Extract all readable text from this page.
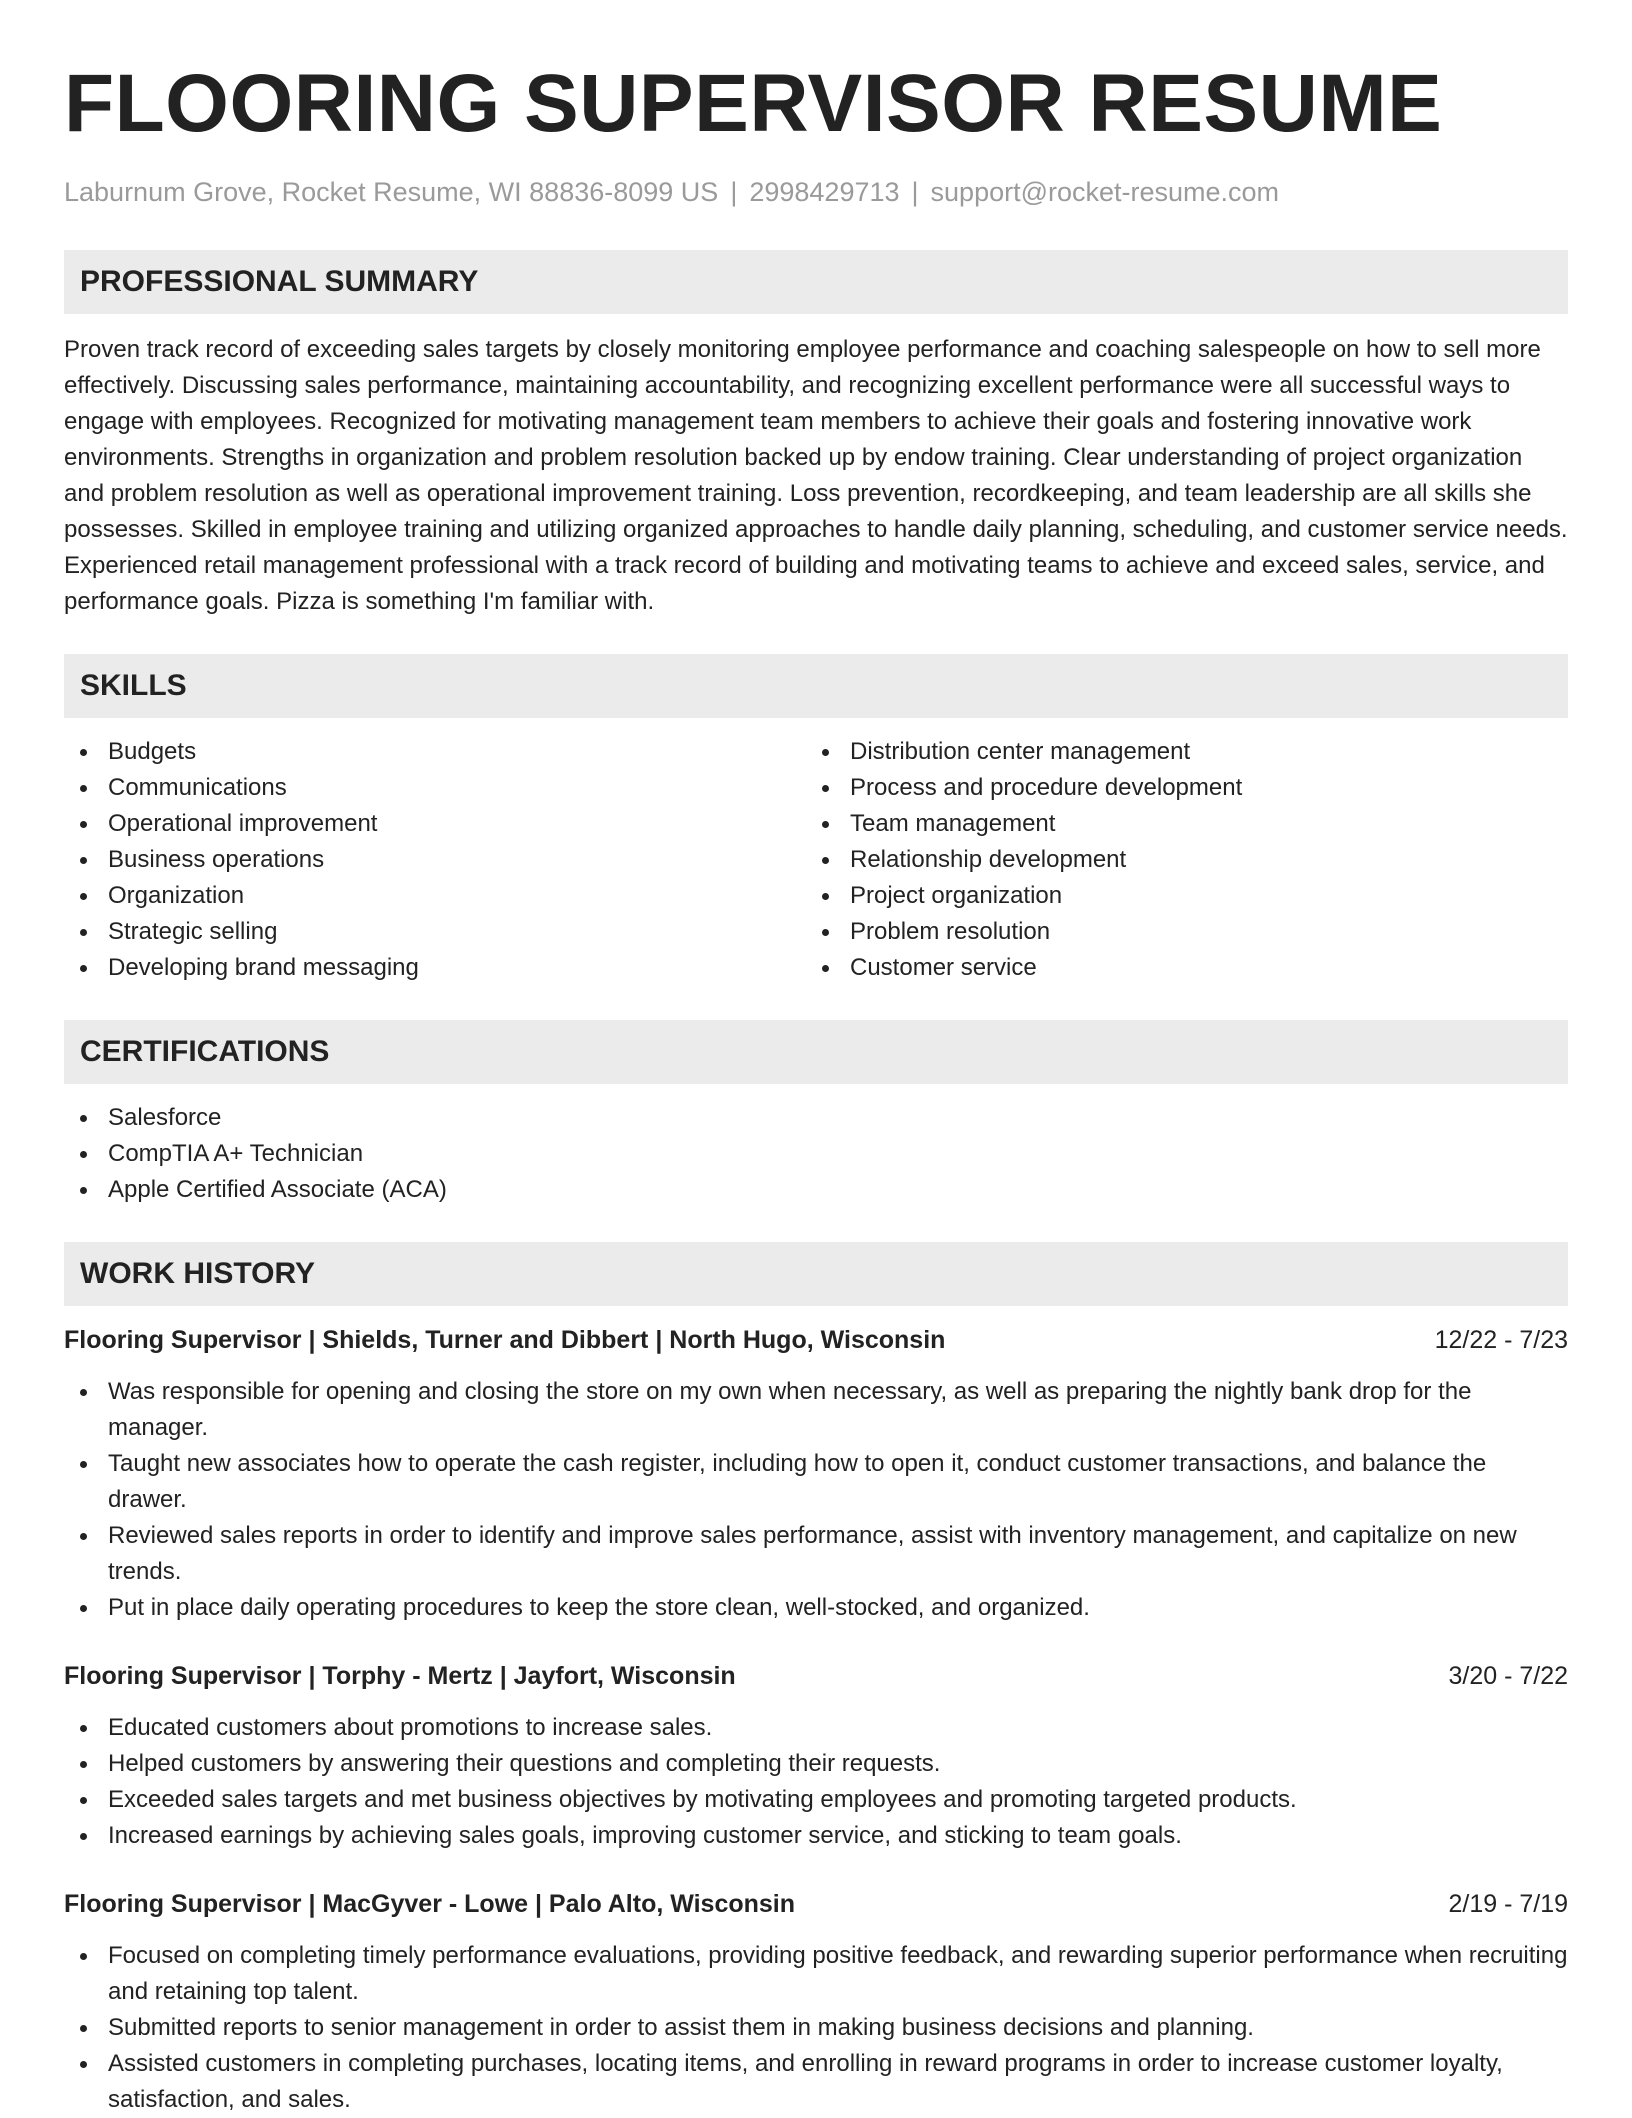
FLOORING SUPERVISOR RESUME
Laburnum Grove, Rocket Resume, WI 88836-8099 US | 2998429713 | support@rocket-resume.com
PROFESSIONAL SUMMARY
Proven track record of exceeding sales targets by closely monitoring employee performance and coaching salespeople on how to sell more effectively. Discussing sales performance, maintaining accountability, and recognizing excellent performance were all successful ways to engage with employees. Recognized for motivating management team members to achieve their goals and fostering innovative work environments. Strengths in organization and problem resolution backed up by endow training. Clear understanding of project organization and problem resolution as well as operational improvement training. Loss prevention, recordkeeping, and team leadership are all skills she possesses. Skilled in employee training and utilizing organized approaches to handle daily planning, scheduling, and customer service needs. Experienced retail management professional with a track record of building and motivating teams to achieve and exceed sales, service, and performance goals. Pizza is something I'm familiar with.
SKILLS
Budgets
Communications
Operational improvement
Business operations
Organization
Strategic selling
Developing brand messaging
Distribution center management
Process and procedure development
Team management
Relationship development
Project organization
Problem resolution
Customer service
CERTIFICATIONS
Salesforce
CompTIA A+ Technician
Apple Certified Associate (ACA)
WORK HISTORY
Flooring Supervisor | Shields, Turner and Dibbert | North Hugo, Wisconsin	12/22 - 7/23
Was responsible for opening and closing the store on my own when necessary, as well as preparing the nightly bank drop for the manager.
Taught new associates how to operate the cash register, including how to open it, conduct customer transactions, and balance the drawer.
Reviewed sales reports in order to identify and improve sales performance, assist with inventory management, and capitalize on new trends.
Put in place daily operating procedures to keep the store clean, well-stocked, and organized.
Flooring Supervisor | Torphy - Mertz | Jayfort, Wisconsin	3/20 - 7/22
Educated customers about promotions to increase sales.
Helped customers by answering their questions and completing their requests.
Exceeded sales targets and met business objectives by motivating employees and promoting targeted products.
Increased earnings by achieving sales goals, improving customer service, and sticking to team goals.
Flooring Supervisor | MacGyver - Lowe | Palo Alto, Wisconsin	2/19 - 7/19
Focused on completing timely performance evaluations, providing positive feedback, and rewarding superior performance when recruiting and retaining top talent.
Submitted reports to senior management in order to assist them in making business decisions and planning.
Assisted customers in completing purchases, locating items, and enrolling in reward programs in order to increase customer loyalty, satisfaction, and sales.
